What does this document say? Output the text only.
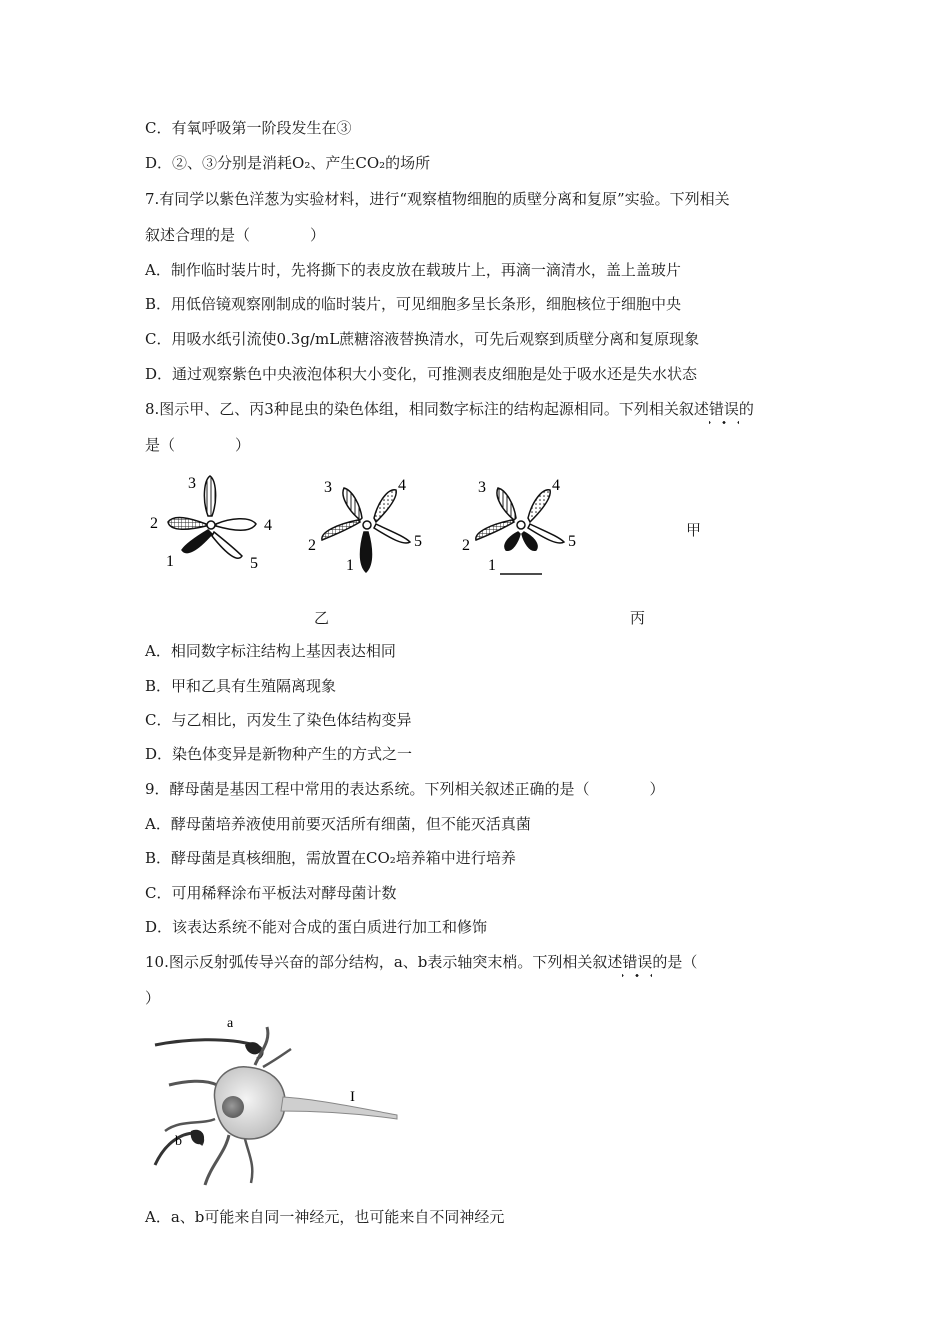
C．有氧呼吸第一阶段发生在③
D．②、③分别是消耗O₂、产生CO₂的场所
7.有同学以紫色洋葱为实验材料，进行“观察植物细胞的质壁分离和复原”实验。下列相关
叙述合理的是（　　　　）
A．制作临时装片时，先将撕下的表皮放在载玻片上，再滴一滴清水，盖上盖玻片
B．用低倍镜观察刚制成的临时装片，可见细胞多呈长条形，细胞核位于细胞中央
C．用吸水纸引流使0.3g/mL蔗糖溶液替换清水，可先后观察到质壁分离和复原现象
D．通过观察紫色中央液泡体积大小变化，可推测表皮细胞是处于吸水还是失水状态
8.图示甲、乙、丙3种昆虫的染色体组，相同数字标注的结构起源相同。下列相关叙述错误的
是（　　　　）
3
2	4
1	5
3	4
2	5
1
3	4
2	5
1
甲
乙	丙
A．相同数字标注结构上基因表达相同
B．甲和乙具有生殖隔离现象
C．与乙相比，丙发生了染色体结构变异
D．染色体变异是新物种产生的方式之一
9．酵母菌是基因工程中常用的表达系统。下列相关叙述正确的是（　　　　）
A．酵母菌培养液使用前要灭活所有细菌，但不能灭活真菌
B．酵母菌是真核细胞，需放置在CO₂培养箱中进行培养
C．可用稀释涂布平板法对酵母菌计数
D．该表达系统不能对合成的蛋白质进行加工和修饰
10.图示反射弧传导兴奋的部分结构，a、b表示轴突末梢。下列相关叙述错误的是（
）
a
b
I
A．a、b可能来自同一神经元，也可能来自不同神经元
